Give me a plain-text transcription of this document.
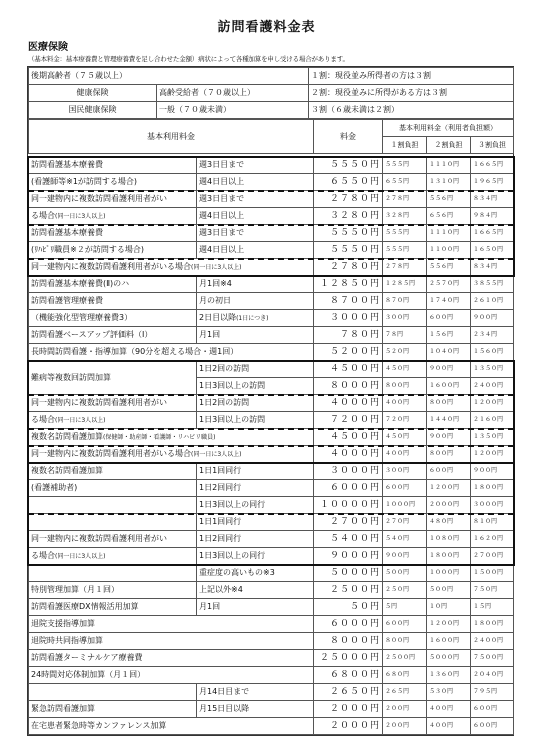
訪問看護料金表
医療保険
（基本料金：基本療養費と管理療養費を足し合わせた金額）病状によって各種加算を申し受ける場合があります。
後期高齢者（７５歳以上）		１割：現役並み所得者の方は３割
健康保険	高齢受給者（７０歳以上）	２割：現役並みに所得がある方は３割
国民健康保険	一般（７０歳未満）	３割（６歳未満は２割）
基本利用料金		料金	基本利用料金（利用者負担額）		
			１割負担	２割負担	３割負担

訪問看護基本療養費	週3日目まで	５５５０円	５５５円	１１１０円	１６６５円
(看護師等※1が訪問する場合)	週4日目以上	６５５０円	６５５円	１３１０円	１９６５円
同一建物内に複数訪問看護利用者がい	週3日目まで	２７８０円	２７８円	５５６円	８３４円
る場合(同一日に3人以上)	週4日目以上	３２８０円	３２８円	６５６円	９８４円
訪問看護基本療養費	週3日目まで	５５５０円	５５５円	１１１０円	１６６５円
(ﾘﾊﾋﾞﾘ職員※２が訪問する場合)	週4日目以上	５５５０円	５５５円	１１００円	１６５０円
同一建物内に複数訪問看護利用者がいる場合(同一日に3人以上)		２７８０円	２７８円	５５６円	８３４円
訪問看護基本療養費(Ⅱ)のハ	月1回※4	１２８５０円	１２８５円	２５７０円	３８５５円
訪問看護管理療養費	月の初日	８７００円	８７０円	１７４０円	２６１０円
（機能強化型管理療養費3）	2日目以降(1日につき)	３０００円	３００円	６００円	９００円
訪問看護ベースアップ評価料（Ⅰ）	月1回	７８０円	７８円	１５６円	２３４円
長時間訪問看護・指導加算（90分を超える場合・週1回）		５２００円	５２０円	１０４０円	１５６０円
難病等複数回訪問加算	1日2回の訪問	４５００円	４５０円	９００円	１３５０円
	1日3回以上の訪問	８０００円	８００円	１６００円	２４００円
同一建物内に複数訪問看護利用者がい	1日2回の訪問	４０００円	４００円	８００円	１２００円
る場合(同一日に3人以上)	1日3回以上の訪問	７２００円	７２０円	１４４０円	２１６０円
複数名訪問看護加算(保健師・助産師・看護師・リハビリ職員)		４５００円	４５０円	９００円	１３５０円
同一建物内に複数訪問看護利用者がいる場合(同一日に3人以上)		４０００円	４００円	８００円	１２００円
複数名訪問看護加算	1日1回同行	３０００円	３００円	６００円	９００円
(看護補助者)	1日2回同行	６０００円	６００円	１２００円	１８００円
	1日3回以上の同行	１００００円	１０００円	２０００円	３０００円
	1日1回同行	２７００円	２７０円	４８０円	８１０円
同一建物内に複数訪問看護利用者がい	1日2回同行	５４００円	５４０円	１０８０円	１６２０円
る場合(同一日に3人以上)	1日3回以上の同行	９０００円	９００円	１８００円	２７００円
	重症度の高いもの※3	５０００円	５００円	１０００円	１５００円
特別管理加算（月１回）	上記以外※4	２５００円	２５０円	５００円	７５０円
訪問看護医療DX情報活用加算	月1回	５０円	５円	１０円	１５円
退院支援指導加算		６０００円	６００円	１２００円	１８００円
退院時共同指導加算		８０００円	８００円	１６００円	２４００円
訪問看護ターミナルケア療養費		２５０００円	２５００円	５０００円	７５００円
24時間対応体制加算（月１回）		６８００円	６８０円	１３６０円	２０４０円
	月14日目まで	２６５０円	２６５円	５３０円	７９５円
緊急訪問看護加算	月15日目以降	２０００円	２００円	４００円	６００円
在宅患者緊急時等カンファレンス加算		２０００円	２００円	４００円	６００円
